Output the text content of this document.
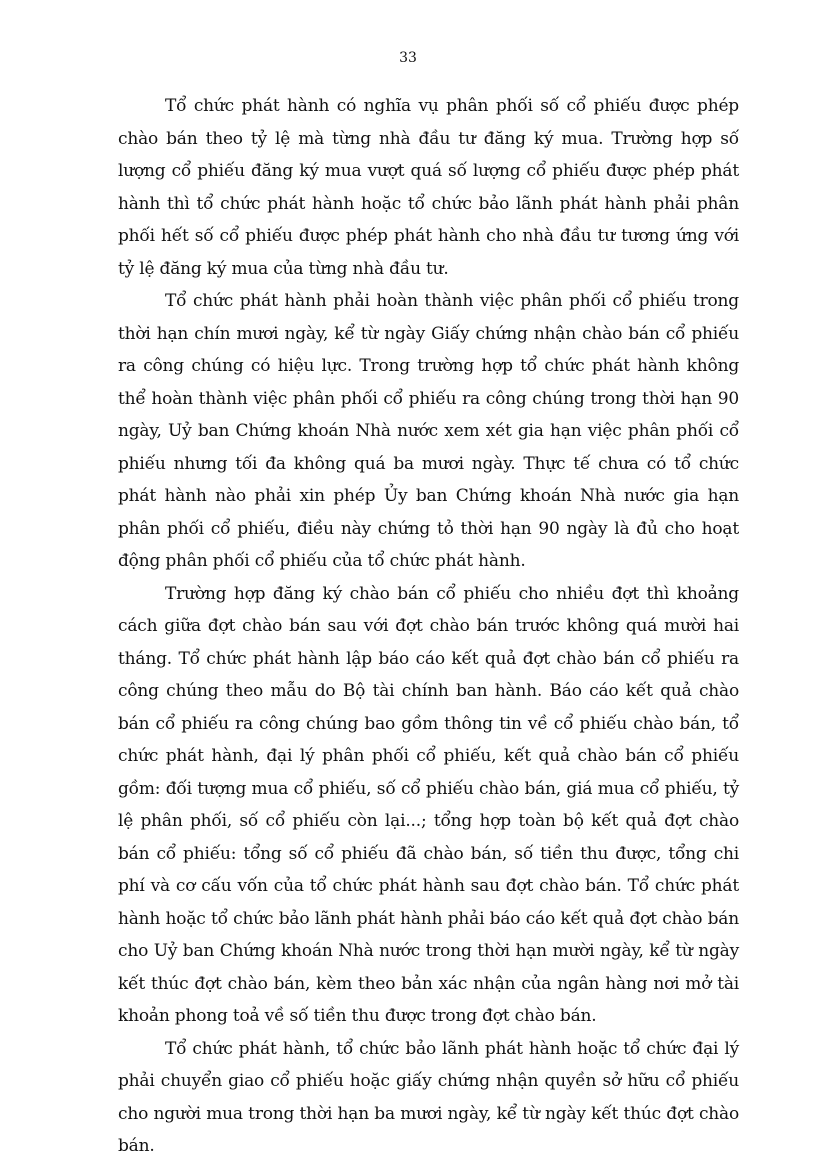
33

Tổ chức phát hành có nghĩa vụ phân phối số cổ phiếu được phép chào bán theo tỷ lệ mà từng nhà đầu tư đăng ký mua. Trường hợp số lượng cổ phiếu đăng ký mua vượt quá số lượng cổ phiếu được phép phát hành thì tổ chức phát hành hoặc tổ chức bảo lãnh phát hành phải phân phối hết số cổ phiếu được phép phát hành cho nhà đầu tư tương ứng với tỷ lệ đăng ký mua của từng nhà đầu tư.

Tổ chức phát hành phải hoàn thành việc phân phối cổ phiếu trong thời hạn chín mươi ngày, kể từ ngày Giấy chứng nhận chào bán cổ phiếu ra công chúng có hiệu lực. Trong trường hợp tổ chức phát hành không thể hoàn thành việc phân phối cổ phiếu ra công chúng trong thời hạn 90 ngày, Uỷ ban Chứng khoán Nhà nước xem xét gia hạn việc phân phối cổ phiếu nhưng tối đa không quá ba mươi ngày. Thực tế chưa có tổ chức phát hành nào phải xin phép Ủy ban Chứng khoán Nhà nước gia hạn phân phối cổ phiếu, điều này chứng tỏ thời hạn 90 ngày là đủ cho hoạt động phân phối cổ phiếu của tổ chức phát hành.

Trường hợp đăng ký chào bán cổ phiếu cho nhiều đợt thì khoảng cách giữa đợt chào bán sau với đợt chào bán trước không quá mười hai tháng. Tổ chức phát hành lập báo cáo kết quả đợt chào bán cổ phiếu ra công chúng theo mẫu do Bộ tài chính ban hành. Báo cáo kết quả chào bán cổ phiếu ra công chúng bao gồm thông tin về cổ phiếu chào bán, tổ chức phát hành, đại lý phân phối cổ phiếu, kết quả chào bán cổ phiếu gồm: đối tượng mua cổ phiếu, số cổ phiếu chào bán, giá mua cổ phiếu, tỷ lệ phân phối, số cổ phiếu còn lại...; tổng hợp toàn bộ kết quả đợt chào bán cổ phiếu: tổng số cổ phiếu đã chào bán, số tiền thu được, tổng chi phí và cơ cấu vốn của tổ chức phát hành sau đợt chào bán. Tổ chức phát hành hoặc tổ chức bảo lãnh phát hành phải báo cáo kết quả đợt chào bán cho Uỷ ban Chứng khoán Nhà nước trong thời hạn mười ngày, kể từ ngày kết thúc đợt chào bán, kèm theo bản xác nhận của ngân hàng nơi mở tài khoản phong toả về số tiền thu được trong đợt chào bán.

Tổ chức phát hành, tổ chức bảo lãnh phát hành hoặc tổ chức đại lý phải chuyển giao cổ phiếu hoặc giấy chứng nhận quyền sở hữu cổ phiếu cho người mua trong thời hạn ba mươi ngày, kể từ ngày kết thúc đợt chào bán.
